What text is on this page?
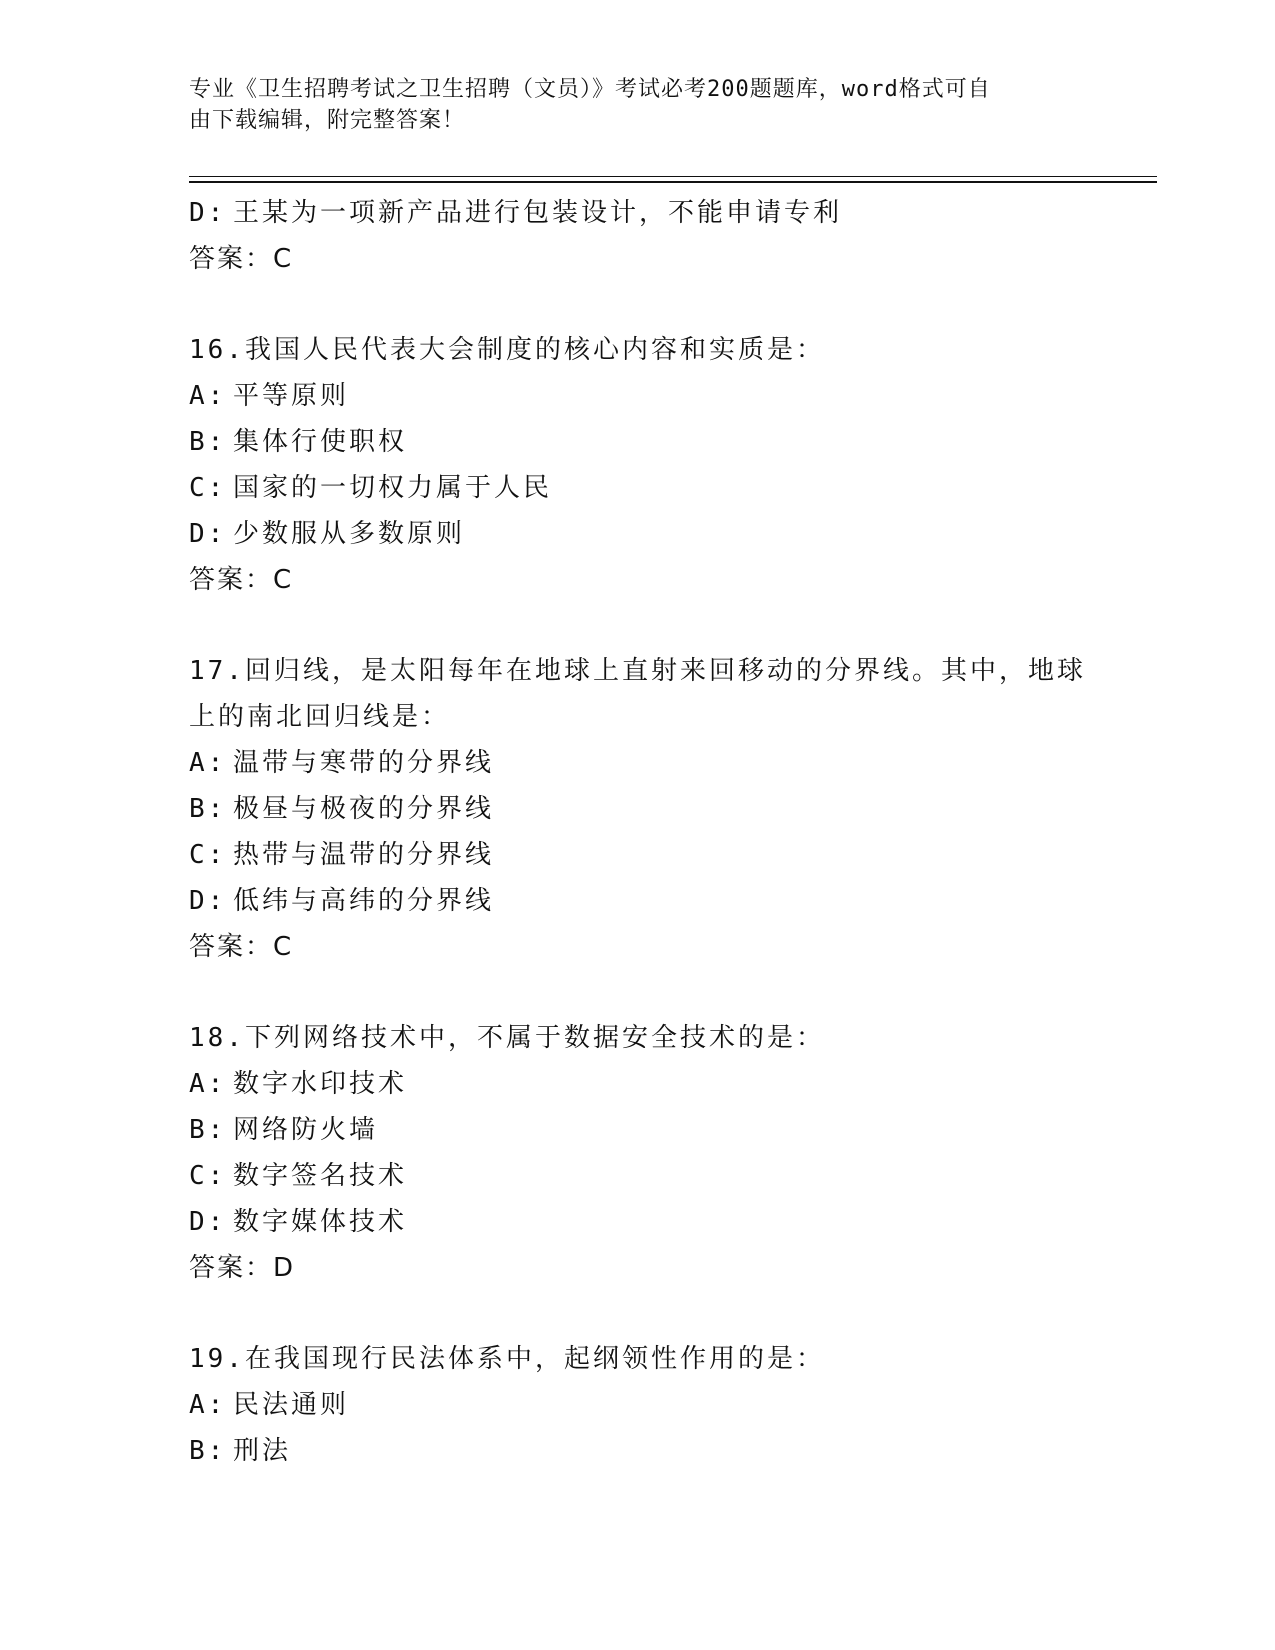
专业《卫生招聘考试之卫生招聘（文员）》考试必考200题题库，word格式可自
由下载编辑，附完整答案！
D: 王某为一项新产品进行包装设计，不能申请专利
答案：C
16.我国人民代表大会制度的核心内容和实质是：
A: 平等原则
B: 集体行使职权
C: 国家的一切权力属于人民
D: 少数服从多数原则
答案：C
17.回归线，是太阳每年在地球上直射来回移动的分界线。其中，地球
上的南北回归线是：
A: 温带与寒带的分界线
B: 极昼与极夜的分界线
C: 热带与温带的分界线
D: 低纬与高纬的分界线
答案：C
18.下列网络技术中，不属于数据安全技术的是：
A: 数字水印技术
B: 网络防火墙
C: 数字签名技术
D: 数字媒体技术
答案：D
19.在我国现行民法体系中，起纲领性作用的是：
A: 民法通则
B: 刑法
